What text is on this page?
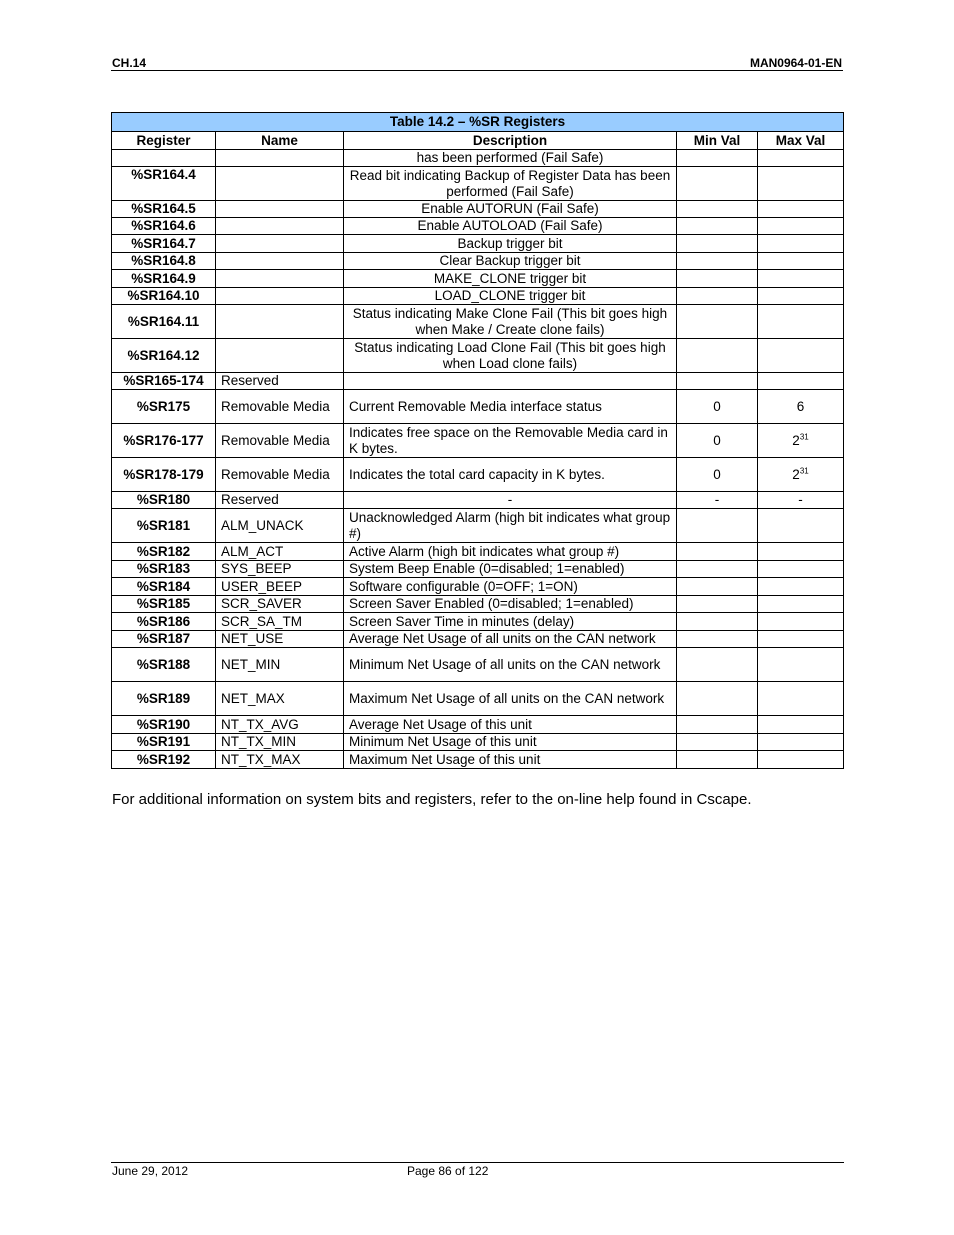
CH.14	MAN0964-01-EN
Table 14.2 – %SR Registers				
Register	Name	Description	Min Val	Max Val
		has been performed (Fail Safe)		
%SR164.4		Read bit indicating Backup of Register Data has been performed (Fail Safe)		
%SR164.5		Enable AUTORUN (Fail Safe)		
%SR164.6		Enable AUTOLOAD (Fail Safe)		
%SR164.7		Backup trigger bit		
%SR164.8		Clear Backup trigger bit		
%SR164.9		MAKE_CLONE trigger bit		
%SR164.10		LOAD_CLONE trigger bit		
%SR164.11		Status indicating Make Clone Fail (This bit goes high when Make / Create clone fails)		
%SR164.12		Status indicating Load Clone Fail (This bit goes high when Load clone fails)		
%SR165-174	Reserved			
%SR175	Removable Media	Current Removable Media interface status	0	6
%SR176-177	Removable Media	Indicates free space on the Removable Media card in K bytes.	0	$2^{31}$
%SR178-179	Removable Media	Indicates the total card capacity in K bytes.	0	$2^{31}$
%SR180	Reserved	-	-	-
%SR181	ALM_UNACK	Unacknowledged Alarm (high bit indicates what group #)		
%SR182	ALM_ACT	Active Alarm (high bit indicates what group #)		
%SR183	SYS_BEEP	System Beep Enable (0=disabled; 1=enabled)		
%SR184	USER_BEEP	Software configurable (0=OFF; 1=ON)		
%SR185	SCR_SAVER	Screen Saver Enabled (0=disabled; 1=enabled)		
%SR186	SCR_SA_TM	Screen Saver Time in minutes (delay)		
%SR187	NET_USE	Average Net Usage of all units on the CAN network		
%SR188	NET_MIN	Minimum Net Usage of all units on the CAN network		
%SR189	NET_MAX	Maximum Net Usage of all units on the CAN network		
%SR190	NT_TX_AVG	Average Net Usage of this unit		
%SR191	NT_TX_MIN	Minimum Net Usage of this unit		
%SR192	NT_TX_MAX	Maximum Net Usage of this unit		
For additional information on system bits and registers, refer to the on-line help found in Cscape.
June 29, 2012	Page 86 of 122
